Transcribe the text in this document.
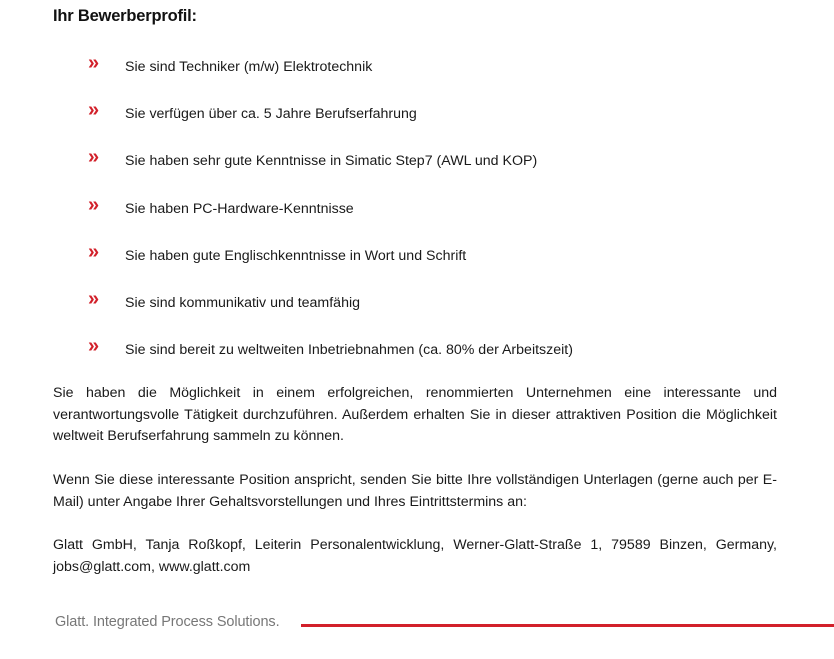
Ihr Bewerberprofil:
» Sie sind Techniker (m/w) Elektrotechnik
» Sie verfügen über ca. 5 Jahre Berufserfahrung
» Sie haben sehr gute Kenntnisse in Simatic Step7 (AWL und KOP)
» Sie haben PC-Hardware-Kenntnisse
» Sie haben gute Englischkenntnisse in Wort und Schrift
» Sie sind kommunikativ und teamfähig
» Sie sind bereit zu weltweiten Inbetriebnahmen (ca. 80% der Arbeitszeit)

Sie haben die Möglichkeit in einem erfolgreichen, renommierten Unternehmen eine interessante und verantwortungsvolle Tätigkeit durchzuführen. Außerdem erhalten Sie in dieser attraktiven Position die Möglichkeit weltweit Berufserfahrung sammeln zu können.

Wenn Sie diese interessante Position anspricht, senden Sie bitte Ihre vollständigen Unterlagen (gerne auch per E-Mail) unter Angabe Ihrer Gehaltsvorstellungen und Ihres Eintrittstermins an:

Glatt GmbH, Tanja Roßkopf, Leiterin Personalentwicklung, Werner-Glatt-Straße 1, 79589 Binzen, Germany, jobs@glatt.com, www.glatt.com

Glatt. Integrated Process Solutions.
